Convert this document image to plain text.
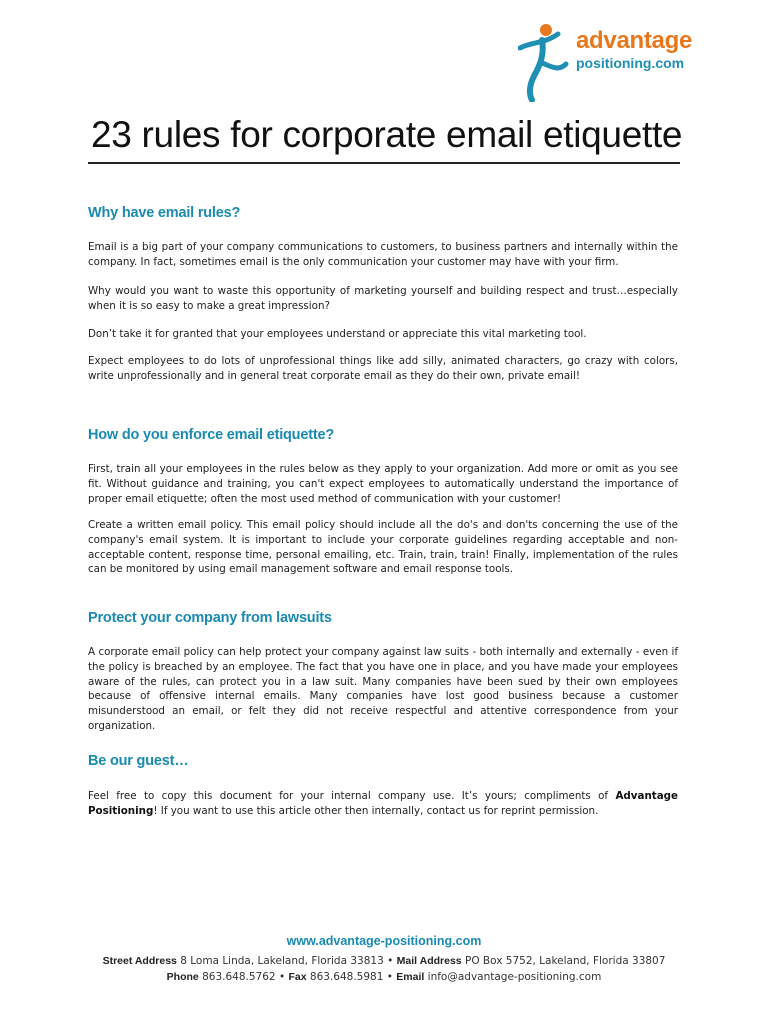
advantage
positioning.com
23 rules for corporate email etiquette
Why have email rules?

Email is a big part of your company communications to customers, to business partners and internally within the company. In fact, sometimes email is the only communication your customer may have with your firm.

Why would you want to waste this opportunity of marketing yourself and building respect and trust…especially when it is so easy to make a great impression?

Don’t take it for granted that your employees understand or appreciate this vital marketing tool.

Expect employees to do lots of unprofessional things like add silly, animated characters, go crazy with colors, write unprofessionally and in general treat corporate email as they do their own, private email!

How do you enforce email etiquette?

First, train all your employees in the rules below as they apply to your organization. Add more or omit as you see fit. Without guidance and training, you can't expect employees to automatically understand the importance of proper email etiquette; often the most used method of communication with your customer!

Create a written email policy. This email policy should include all the do's and don'ts concerning the use of the company's email system. It is important to include your corporate guidelines regarding acceptable and non-acceptable content, response time, personal emailing, etc. Train, train, train! Finally, implementation of the rules can be monitored by using email management software and email response tools.

Protect your company from lawsuits

A corporate email policy can help protect your company against law suits - both internally and externally - even if the policy is breached by an employee. The fact that you have one in place, and you have made your employees aware of the rules, can protect you in a law suit. Many companies have been sued by their own employees because of offensive internal emails. Many companies have lost good business because a customer misunderstood an email, or felt they did not receive respectful and attentive correspondence from your organization.

Be our guest…

Feel free to copy this document for your internal company use. It’s yours; compliments of Advantage Positioning! If you want to use this article other then internally, contact us for reprint permission.

www.advantage-positioning.com
Street Address 8 Loma Linda, Lakeland, Florida 33813 • Mail Address PO Box 5752, Lakeland, Florida 33807
Phone 863.648.5762 • Fax 863.648.5981 • Email info@advantage-positioning.com
